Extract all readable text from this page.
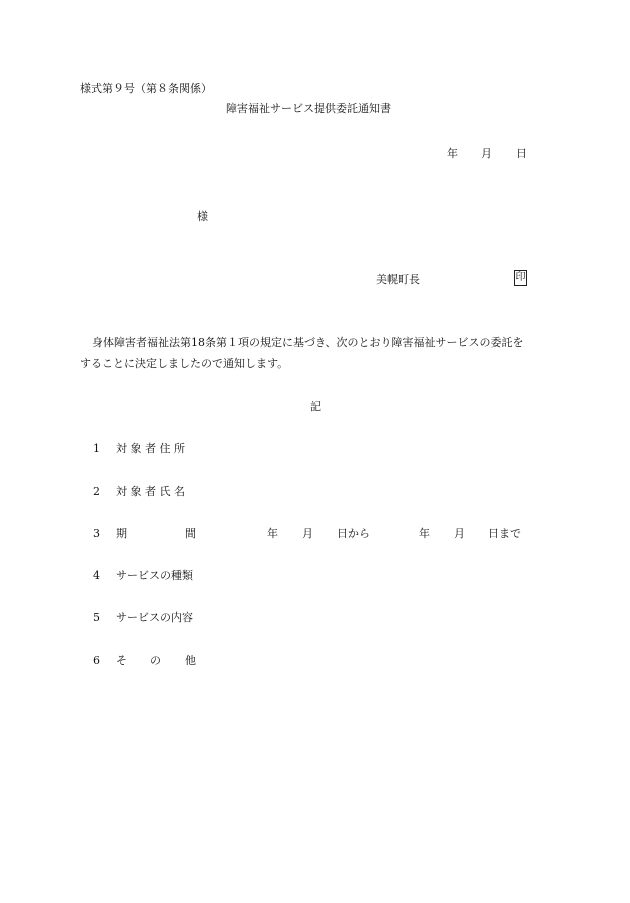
様式第９号（第８条関係）
障害福祉サービス提供委託通知書
年 月 日
様
美幌町長	印
身体障害者福祉法第18条第１項の規定に基づき、次のとおり障害福祉サービスの委託を
することに決定しましたので通知します。
記
1 対 象 者 住 所
2 対 象 者 氏 名
3 期	間	年 月 日から	年 月 日まで
4 サービスの種類
5 サービスの内容
6 そ の 他
